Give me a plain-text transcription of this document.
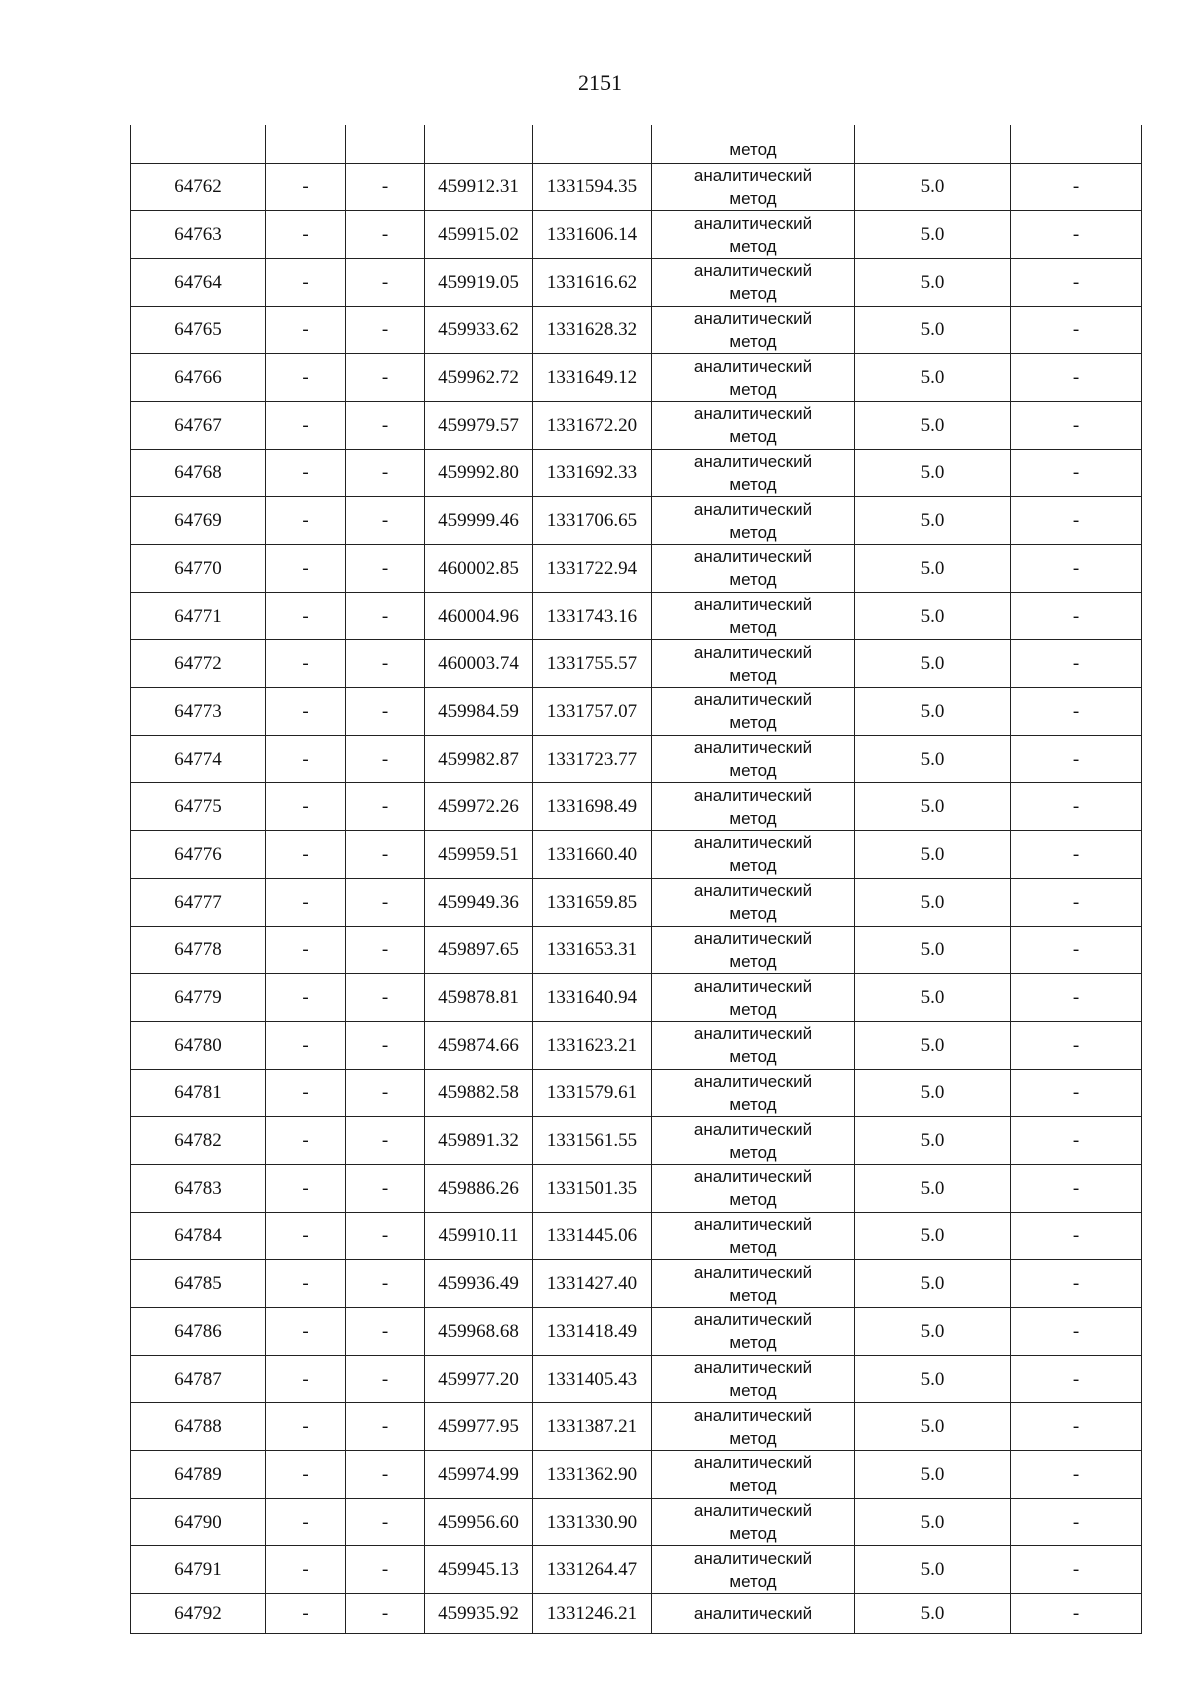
2151
					метод		
64762	-	-	459912.31	1331594.35	аналитический
метод	5.0	-
64763	-	-	459915.02	1331606.14	аналитический
метод	5.0	-
64764	-	-	459919.05	1331616.62	аналитический
метод	5.0	-
64765	-	-	459933.62	1331628.32	аналитический
метод	5.0	-
64766	-	-	459962.72	1331649.12	аналитический
метод	5.0	-
64767	-	-	459979.57	1331672.20	аналитический
метод	5.0	-
64768	-	-	459992.80	1331692.33	аналитический
метод	5.0	-
64769	-	-	459999.46	1331706.65	аналитический
метод	5.0	-
64770	-	-	460002.85	1331722.94	аналитический
метод	5.0	-
64771	-	-	460004.96	1331743.16	аналитический
метод	5.0	-
64772	-	-	460003.74	1331755.57	аналитический
метод	5.0	-
64773	-	-	459984.59	1331757.07	аналитический
метод	5.0	-
64774	-	-	459982.87	1331723.77	аналитический
метод	5.0	-
64775	-	-	459972.26	1331698.49	аналитический
метод	5.0	-
64776	-	-	459959.51	1331660.40	аналитический
метод	5.0	-
64777	-	-	459949.36	1331659.85	аналитический
метод	5.0	-
64778	-	-	459897.65	1331653.31	аналитический
метод	5.0	-
64779	-	-	459878.81	1331640.94	аналитический
метод	5.0	-
64780	-	-	459874.66	1331623.21	аналитический
метод	5.0	-
64781	-	-	459882.58	1331579.61	аналитический
метод	5.0	-
64782	-	-	459891.32	1331561.55	аналитический
метод	5.0	-
64783	-	-	459886.26	1331501.35	аналитический
метод	5.0	-
64784	-	-	459910.11	1331445.06	аналитический
метод	5.0	-
64785	-	-	459936.49	1331427.40	аналитический
метод	5.0	-
64786	-	-	459968.68	1331418.49	аналитический
метод	5.0	-
64787	-	-	459977.20	1331405.43	аналитический
метод	5.0	-
64788	-	-	459977.95	1331387.21	аналитический
метод	5.0	-
64789	-	-	459974.99	1331362.90	аналитический
метод	5.0	-
64790	-	-	459956.60	1331330.90	аналитический
метод	5.0	-
64791	-	-	459945.13	1331264.47	аналитический
метод	5.0	-
64792	-	-	459935.92	1331246.21	аналитический	5.0	-
